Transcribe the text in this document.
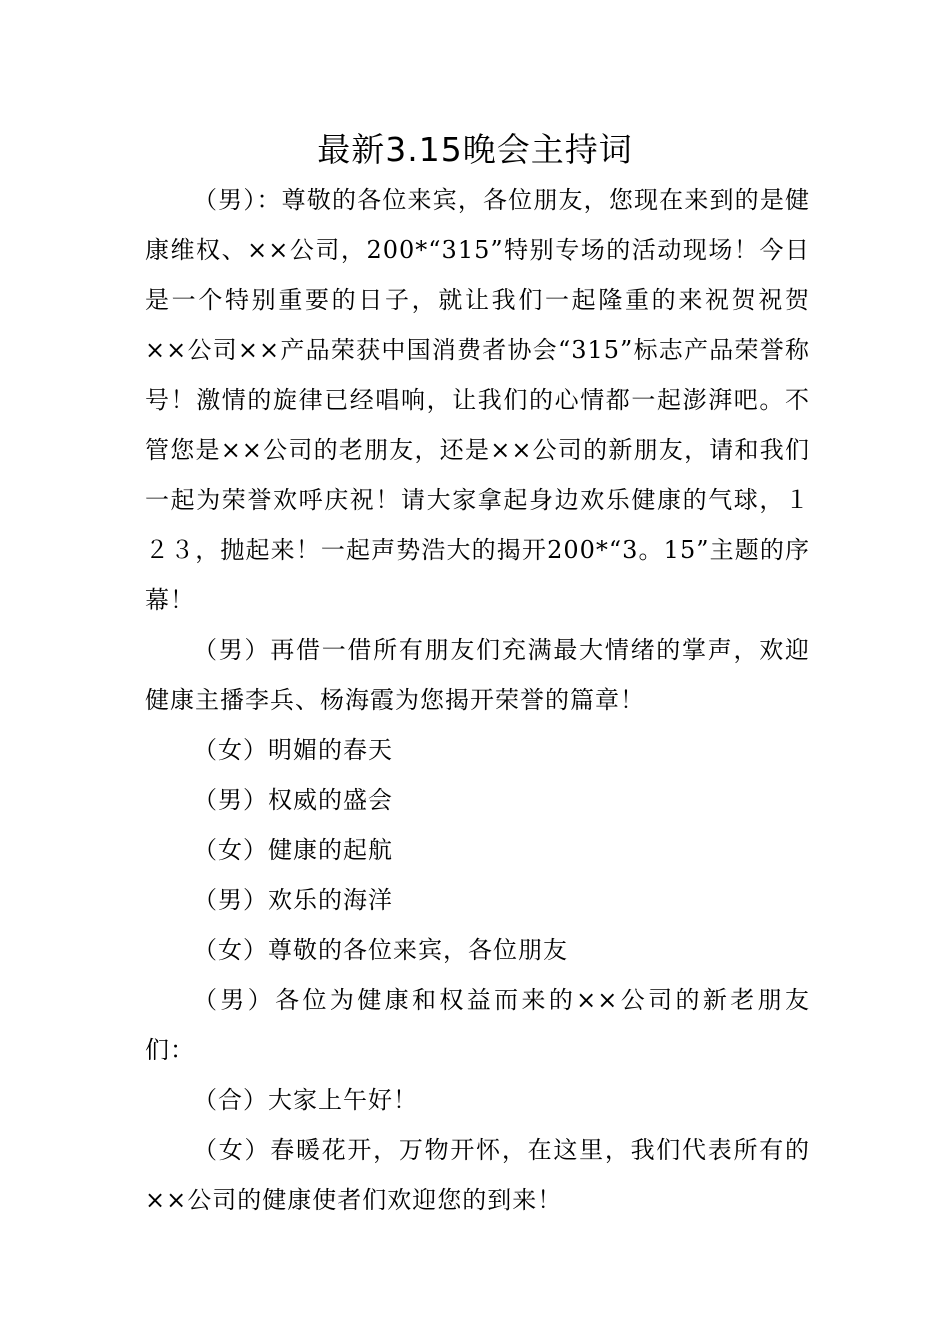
最新3.15晚会主持词

（男）：尊敬的各位来宾，各位朋友，您现在来到的是健康维权、××公司，200*“315”特别专场的活动现场！今日是一个特别重要的日子，就让我们一起隆重的来祝贺祝贺××公司××产品荣获中国消费者协会“315”标志产品荣誉称号！激情的旋律已经唱响，让我们的心情都一起澎湃吧。不管您是××公司的老朋友，还是××公司的新朋友，请和我们一起为荣誉欢呼庆祝！请大家拿起身边欢乐健康的气球，１２３，抛起来！一起声势浩大的揭开200*“3。15”主题的序幕！

（男）再借一借所有朋友们充满最大情绪的掌声，欢迎健康主播李兵、杨海霞为您揭开荣誉的篇章！

（女）明媚的春天

（男）权威的盛会

（女）健康的起航

（男）欢乐的海洋

（女）尊敬的各位来宾，各位朋友

（男）各位为健康和权益而来的××公司的新老朋友们：

（合）大家上午好！

（女）春暖花开，万物开怀，在这里，我们代表所有的××公司的健康使者们欢迎您的到来！
